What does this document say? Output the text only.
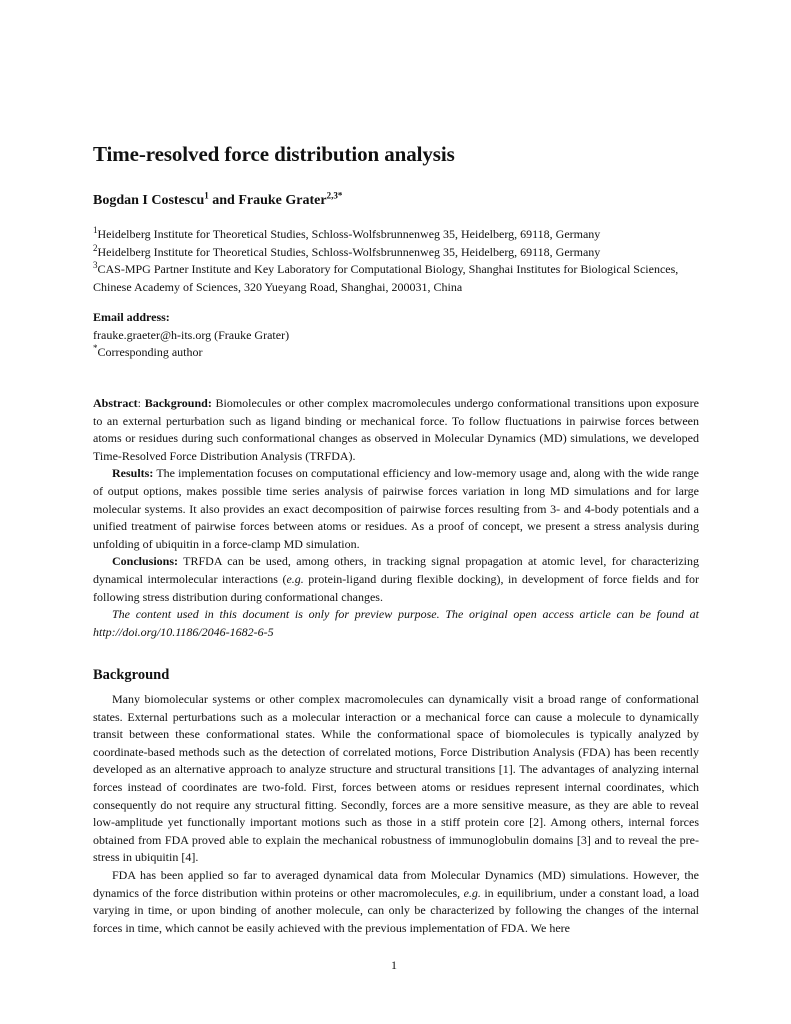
Time-resolved force distribution analysis
Bogdan I Costescu$^1$ and Frauke Grater$^{2,3*}$

$^1$Heidelberg Institute for Theoretical Studies, Schloss-Wolfsbrunnenweg 35, Heidelberg, 69118, Germany

$^2$Heidelberg Institute for Theoretical Studies, Schloss-Wolfsbrunnenweg 35, Heidelberg, 69118, Germany

$^3$CAS-MPG Partner Institute and Key Laboratory for Computational Biology, Shanghai Institutes for Biological Sciences, Chinese Academy of Sciences, 320 Yueyang Road, Shanghai, 200031, China

Email address:

frauke.graeter@h-its.org (Frauke Grater)

*Corresponding author

Abstract: Background: Biomolecules or other complex macromolecules undergo conformational transitions upon exposure to an external perturbation such as ligand binding or mechanical force. To follow fluctuations in pairwise forces between atoms or residues during such conformational changes as observed in Molecular Dynamics (MD) simulations, we developed Time-Resolved Force Distribution Analysis (TRFDA).

Results: The implementation focuses on computational efficiency and low-memory usage and, along with the wide range of output options, makes possible time series analysis of pairwise forces variation in long MD simulations and for large molecular systems. It also provides an exact decomposition of pairwise forces resulting from 3- and 4-body potentials and a unified treatment of pairwise forces between atoms or residues. As a proof of concept, we present a stress analysis during unfolding of ubiquitin in a force-clamp MD simulation.

Conclusions: TRFDA can be used, among others, in tracking signal propagation at atomic level, for characterizing dynamical intermolecular interactions (e.g. protein-ligand during flexible docking), in development of force fields and for following stress distribution during conformational changes.

The content used in this document is only for preview purpose. The original open access article can be found at http://doi.org/10.1186/2046-1682-6-5

Background

Many biomolecular systems or other complex macromolecules can dynamically visit a broad range of conformational states. External perturbations such as a molecular interaction or a mechanical force can cause a molecule to dynamically transit between these conformational states. While the conformational space of biomolecules is typically analyzed by coordinate-based methods such as the detection of correlated motions, Force Distribution Analysis (FDA) has been recently developed as an alternative approach to analyze structure and structural transitions [1]. The advantages of analyzing internal forces instead of coordinates are two-fold. First, forces between atoms or residues represent internal coordinates, which consequently do not require any structural fitting. Secondly, forces are a more sensitive measure, as they are able to reveal low-amplitude yet functionally important motions such as those in a stiff protein core [2]. Among others, internal forces obtained from FDA proved able to explain the mechanical robustness of immunoglobulin domains [3] and to reveal the pre-stress in ubiquitin [4].

FDA has been applied so far to averaged dynamical data from Molecular Dynamics (MD) simulations. However, the dynamics of the force distribution within proteins or other macromolecules, e.g. in equilibrium, under a constant load, a load varying in time, or upon binding of another molecule, can only be characterized by following the changes of the internal forces in time, which cannot be easily achieved with the previous implementation of FDA. We here

1
